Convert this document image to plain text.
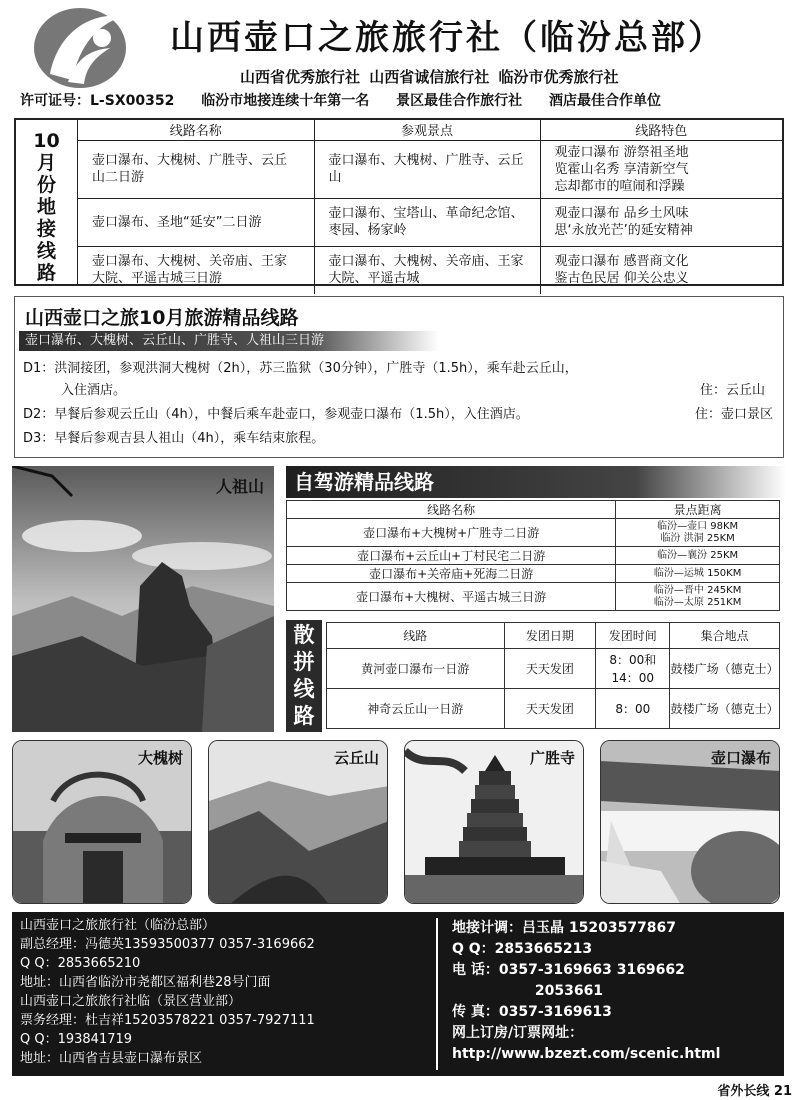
山西壶口之旅旅行社（临汾总部）
山西省优秀旅行社 山西省诚信旅行社 临汾市优秀旅行社
许可证号：L-SX00352 临汾市地接连续十年第一名 景区最佳合作旅行社 酒店最佳合作单位
10
月
份
地
接
线
路
线路名称	参观景点	线路特色
壶口瀑布、大槐树、广胜寺、云丘山二日游	壶口瀑布、大槐树、广胜寺、云丘山	观壶口瀑布 游祭祖圣地
览霍山名秀 享清新空气
忘却都市的喧闹和浮躁

壶口瀑布、圣地“延安”二日游	壶口瀑布、宝塔山、革命纪念馆、枣园、杨家岭	观壶口瀑布 品乡土风味
思‘永放光芒’的延安精神

壶口瀑布、大槐树、关帝庙、王家大院、平遥古城三日游	壶口瀑布、大槐树、关帝庙、王家大院、平遥古城	观壶口瀑布 感晋商文化
鉴古色民居 仰关公忠义
山西壶口之旅10月旅游精品线路
壶口瀑布、大槐树、云丘山、广胜寺、人祖山三日游
D1：洪洞接团，参观洪洞大槐树（2h），苏三监狱（30分钟），广胜寺（1.5h），乘车赴云丘山，
入住酒店。	住：云丘山
D2：早餐后参观云丘山（4h），中餐后乘车赴壶口，参观壶口瀑布（1.5h），入住酒店。	住：壶口景区
D3：早餐后参观吉县人祖山（4h），乘车结束旅程。
人祖山	自驾游精品线路
线路名称	景点距离
壶口瀑布+大槐树+广胜寺二日游	临汾—壶口 98KM
临汾 洪洞 25KM

壶口瀑布+云丘山+丁村民宅二日游	临汾—襄汾 25KM
壶口瀑布+关帝庙+死海二日游	临汾—运城 150KM
壶口瀑布+大槐树、平遥古城三日游	临汾—晋中 245KM
临汾—太原 251KM
散
拼
线
路
线路	发团日期	发团时间	集合地点
黄河壶口瀑布一日游	天天发团	8：00和14：00	鼓楼广场（德克士）
神奇云丘山一日游	天天发团	8：00	鼓楼广场（德克士）
大槐树	云丘山	广胜寺	壶口瀑布
山西壶口之旅旅行社（临汾总部）
副总经理：冯德英13593500377 0357-3169662
Q Q：2853665210
地址：山西省临汾市尧都区福利巷28号门面
山西壶口之旅旅行社临（景区营业部）
票务经理：杜吉祥15203578221 0357-7927111
Q Q：193841719
地址：山西省吉县壶口瀑布景区
地接计调：吕玉晶 15203577867
Q Q：2853665213
电 话：0357-3169663 3169662
2053661
传 真：0357-3169613
网上订房/订票网址：
http://www.bzezt.com/scenic.html
省外长线 21
